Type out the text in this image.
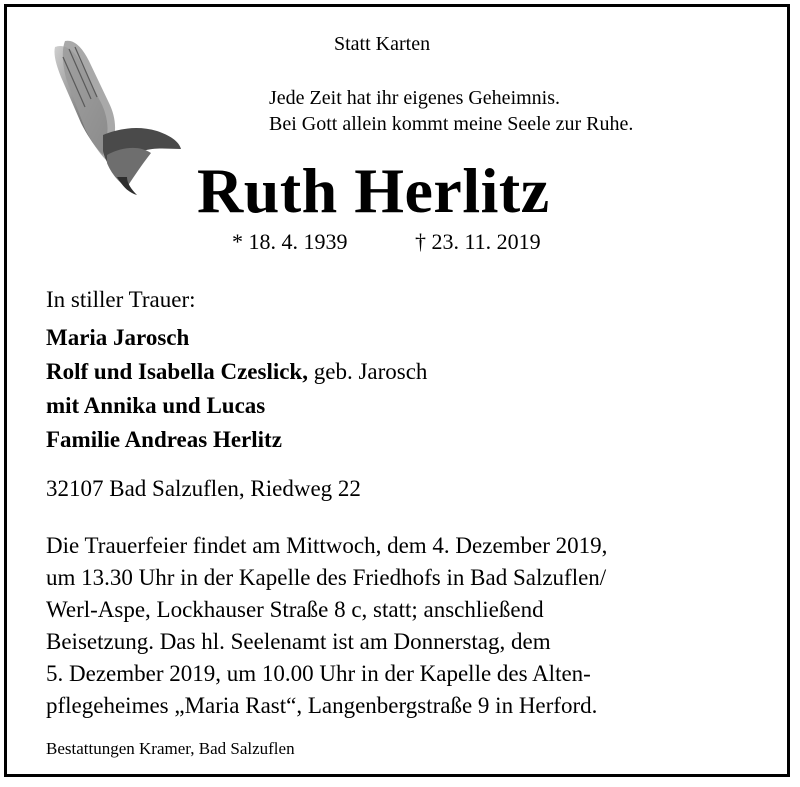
Statt Karten
Jede Zeit hat ihr eigenes Geheimnis.
Bei Gott allein kommt meine Seele zur Ruhe.
Ruth Herlitz
* 18. 4. 1939	† 23. 11. 2019
In stiller Trauer:
Maria Jarosch
Rolf und Isabella Czeslick, geb. Jarosch
mit Annika und Lucas
Familie Andreas Herlitz
32107 Bad Salzuflen, Riedweg 22
Die Trauerfeier findet am Mittwoch, dem 4. Dezember 2019,
um 13.30 Uhr in der Kapelle des Friedhofs in Bad Salzuflen/
Werl-Aspe, Lockhauser Straße 8 c, statt; anschließend
Beisetzung. Das hl. Seelenamt ist am Donnerstag, dem
5. Dezember 2019, um 10.00 Uhr in der Kapelle des Alten-
pflegeheimes „Maria Rast“, Langenbergstraße 9 in Herford.
Bestattungen Kramer, Bad Salzuflen
